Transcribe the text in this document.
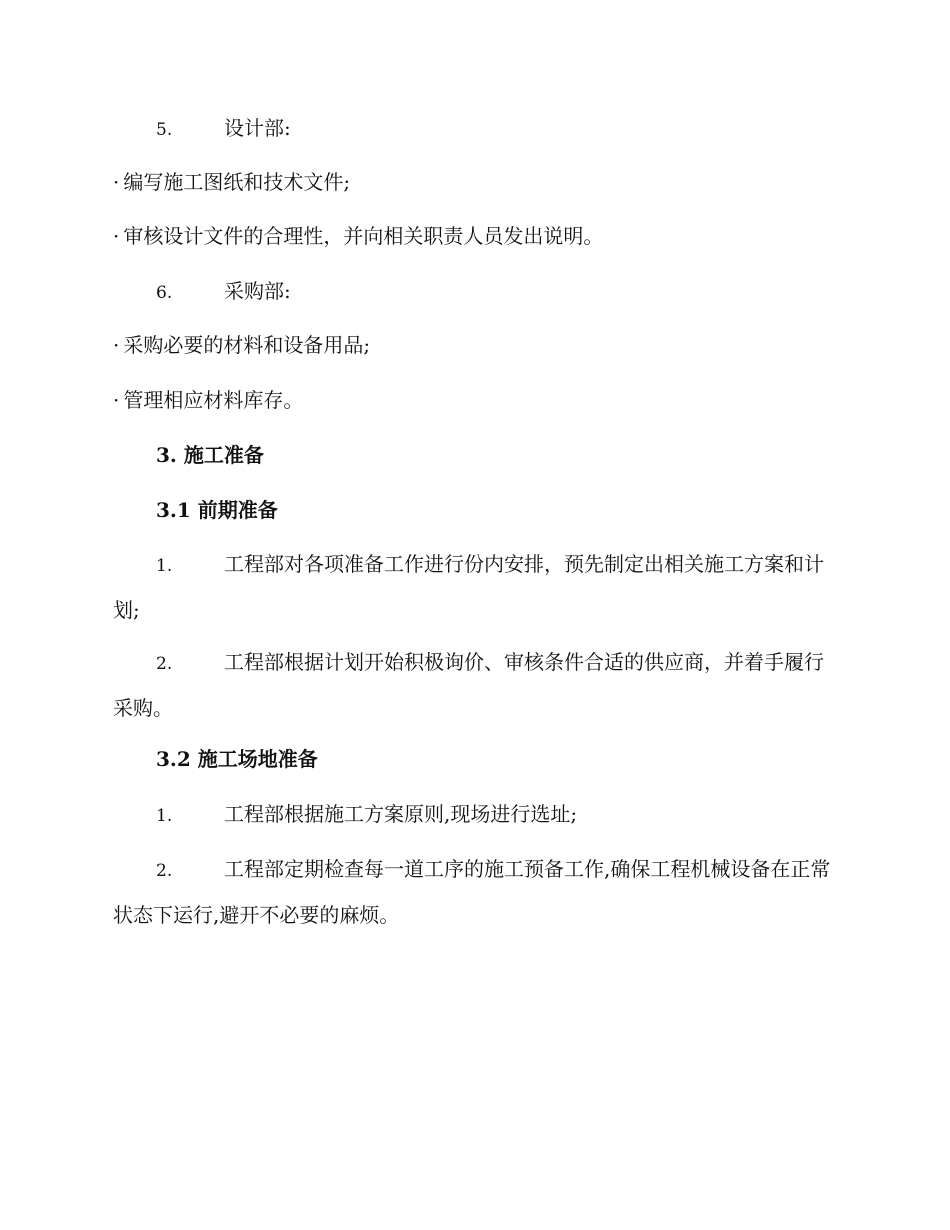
5.	设计部:
· 编写施工图纸和技术文件;
· 审核设计文件的合理性，并向相关职责人员发出说明。
6.	采购部:
· 采购必要的材料和设备用品;
· 管理相应材料库存。
3. 施工准备
3.1 前期准备
1.	工程部对各项准备工作进行份内安排，预先制定出相关施工方案和计划;
2.	工程部根据计划开始积极询价、审核条件合适的供应商，并着手履行采购。
3.2 施工场地准备
1.	工程部根据施工方案原则,现场进行选址;
2.	工程部定期检查每一道工序的施工预备工作,确保工程机械设备在正常状态下运行,避开不必要的麻烦。
